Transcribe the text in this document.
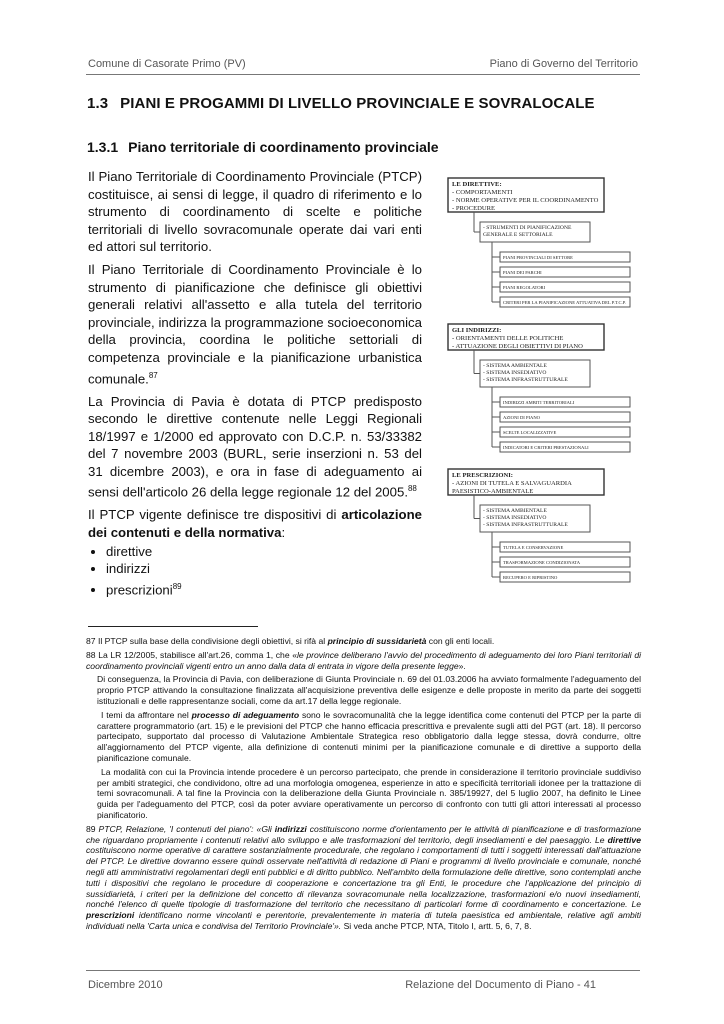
Comune di Casorate Primo (PV)	Piano di Governo del Territorio
1.3 PIANI E PROGAMMI DI LIVELLO PROVINCIALE E SOVRALOCALE
1.3.1 Piano territoriale di coordinamento provinciale

Il Piano Territoriale di Coordinamento Provinciale (PTCP) costituisce, ai sensi di legge, il quadro di riferimento e lo strumento di coordinamento di scelte e politiche territoriali di livello sovracomunale operate dai vari enti ed attori sul territorio.

Il Piano Territoriale di Coordinamento Provinciale è lo strumento di pianificazione che definisce gli obiettivi generali relativi all'assetto e alla tutela del territorio provinciale, indirizza la programmazione socioeconomica della provincia, coordina le politiche settoriali di competenza provinciale e la pianificazione urbanistica comunale.$^{87}$

La Provincia di Pavia è dotata di PTCP predisposto secondo le direttive contenute nelle Leggi Regionali 18/1997 e 1/2000 ed approvato con D.C.P. n. 53/33382 del 7 novembre 2003 (BURL, serie inserzioni n. 53 del 31 dicembre 2003), e ora in fase di adeguamento ai sensi dell'articolo 26 della legge regionale 12 del 2005.88

Il PTCP vigente definisce tre dispositivi di articolazione dei contenuti e della normativa:

• direttive
• indirizzi
• prescrizioni$^{89}$
LE DIRETTIVE:
- COMPORTAMENTI
- NORME OPERATIVE PER IL COORDINAMENTO
- PROCEDURE
- STRUMENTI DI PIANIFICAZIONE
GENERALE E SETTORIALE
PIANI PROVINCIALI DI SETTORE
PIANI DEI PARCHI
PIANI REGOLATORI
CRITERI PER LA PIANIFICAZIONE ATTUATIVA DEL P.T.C.P.
GLI INDIRIZZI:
- ORIENTAMENTI DELLE POLITICHE
- ATTUAZIONE DEGLI OBIETTIVI DI PIANO
- SISTEMA AMBIENTALE
- SISTEMA INSEDIATIVO
- SISTEMA INFRASTRUTTURALE
INDIRIZZI AMBITI TERRITORIALI
AZIONI DI PIANO
SCELTE LOCALIZZATIVE
INDICATORI E CRITERI PRESTAZIONALI
LE PRESCRIZIONI:
- AZIONI DI TUTELA E SALVAGUARDIA
PAESISTICO-AMBIENTALE
- SISTEMA AMBIENTALE
- SISTEMA INSEDIATIVO
- SISTEMA INFRASTRUTTURALE
TUTELA E CONSERVAZIONE
TRASFORMAZIONE CONDIZIONATA
RECUPERO E RIPRISTINO

87 Il PTCP sulla base della condivisione degli obiettivi, si rifà al principio di sussidarietà con gli enti locali.

88 La LR 12/2005, stabilisce all'art.26, comma 1, che «le province deliberano l'avvio del procedimento di adeguamento dei loro Piani territoriali di coordinamento provinciali vigenti entro un anno dalla data di entrata in vigore della presente legge».

Di conseguenza, la Provincia di Pavia, con deliberazione di Giunta Provinciale n. 69 del 01.03.2006 ha avviato formalmente l'adeguamento del proprio PTCP attivando la consultazione finalizzata all'acquisizione preventiva delle esigenze e delle proposte in merito da parte dei soggetti istituzionali e delle rappresentanze sociali, come da art.17 della legge regionale.

I temi da affrontare nel processo di adeguamento sono le sovracomunalità che la legge identifica come contenuti del PTCP per la parte di carattere programmatorio (art. 15) e le previsioni del PTCP che hanno efficacia prescrittiva e prevalente sugli atti del PGT (art. 18). Il percorso partecipato, supportato dal processo di Valutazione Ambientale Strategica reso obbligatorio dalla legge stessa, dovrà condurre, oltre all'aggiornamento del PTCP vigente, alla definizione di contenuti minimi per la pianificazione comunale e di direttive a supporto della pianificazione comunale.

La modalità con cui la Provincia intende procedere è un percorso partecipato, che prende in considerazione il territorio provinciale suddiviso per ambiti strategici, che condividono, oltre ad una morfologia omogenea, esperienze in atto e specificità territoriali idonee per la trattazione di temi sovracomunali. A tal fine la Provincia con la deliberazione della Giunta Provinciale n. 385/19927, del 5 luglio 2007, ha definito le Linee guida per l'adeguamento del PTCP, così da poter avviare operativamente un percorso di confronto con tutti gli attori interessati al processo pianificatorio.

89 PTCP, Relazione, 'I contenuti del piano': «Gli indirizzi costituiscono norme d'orientamento per le attività di pianificazione e di trasformazione che riguardano propriamente i contenuti relativi allo sviluppo e alle trasformazioni del territorio, degli insediamenti e del paesaggio. Le direttive costituiscono norme operative di carattere sostanzialmente procedurale, che regolano i comportamenti di tutti i soggetti interessati dall'attuazione del PTCP. Le direttive dovranno essere quindi osservate nell'attività di redazione di Piani e programmi di livello provinciale e comunale, nonché negli atti amministrativi regolamentari degli enti pubblici e di diritto pubblico. Nell'ambito della formulazione delle direttive, sono contemplati anche tutti i dispositivi che regolano le procedure di cooperazione e concertazione tra gli Enti, le procedure che l'applicazione del principio di sussidiarietà, i criteri per la definizione del concetto di rilevanza sovracomunale nella localizzazione, trasformazioni e/o nuovi insediamenti, nonché l'elenco di quelle tipologie di trasformazione del territorio che necessitano di particolari forme di coordinamento e concertazione. Le prescrizioni identificano norme vincolanti e perentorie, prevalentemente in materia di tutela paesistica ed ambientale, relative agli ambiti individuati nella 'Carta unica e condivisa del Territorio Provinciale'». Si veda anche PTCP, NTA, Titolo I, artt. 5, 6, 7, 8.

Dicembre 2010	Relazione del Documento di Piano - 41
